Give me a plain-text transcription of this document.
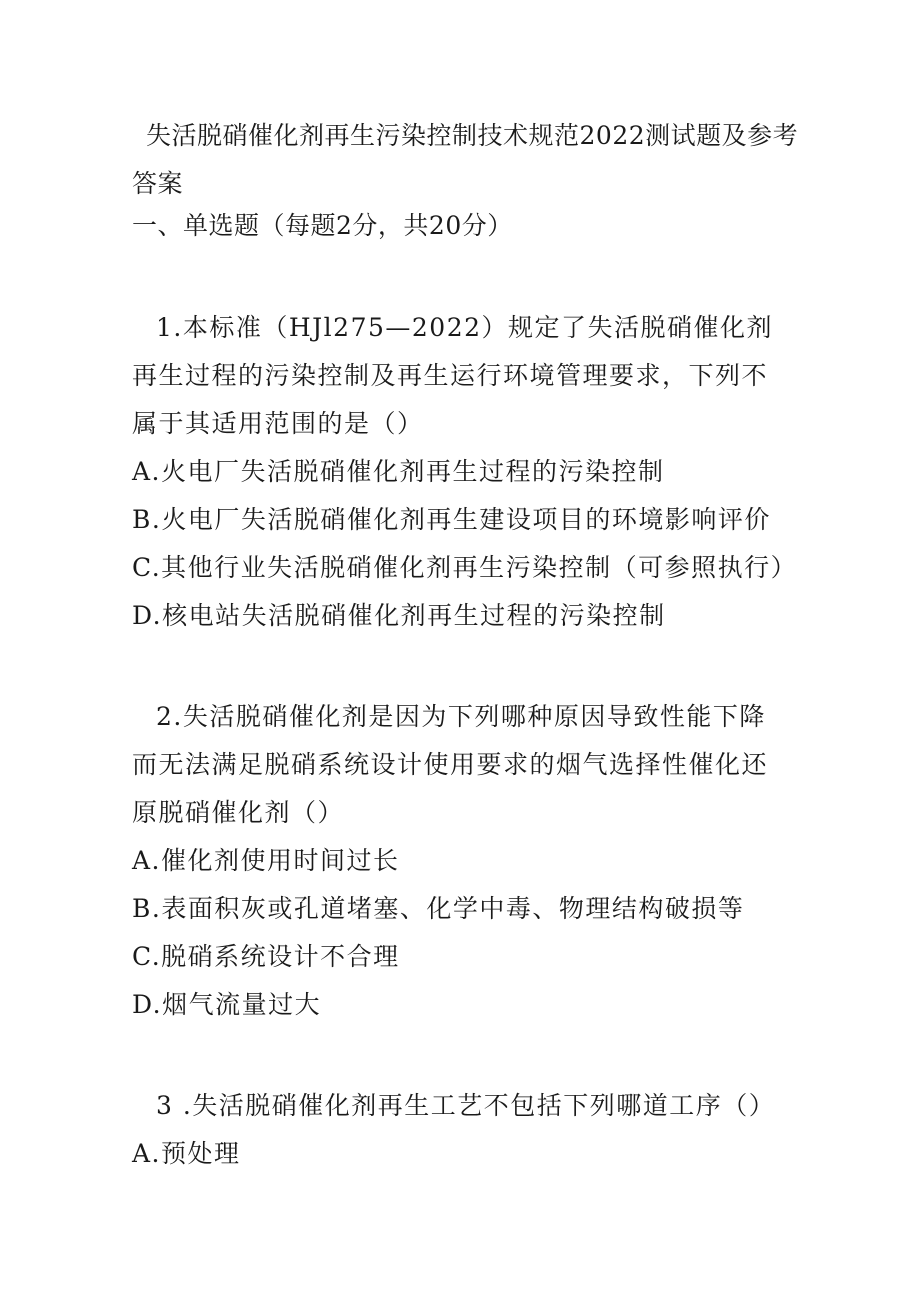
失活脱硝催化剂再生污染控制技术规范2022测试题及参考答案
一、单选题（每题2分，共20分）

1.本标准（HJl275—2022）规定了失活脱硝催化剂再生过程的污染控制及再生运行环境管理要求，下列不属于其适用范围的是（）

A.火电厂失活脱硝催化剂再生过程的污染控制
B.火电厂失活脱硝催化剂再生建设项目的环境影响评价
C.其他行业失活脱硝催化剂再生污染控制（可参照执行）
D.核电站失活脱硝催化剂再生过程的污染控制

2.失活脱硝催化剂是因为下列哪种原因导致性能下降而无法满足脱硝系统设计使用要求的烟气选择性催化还原脱硝催化剂（）

A.催化剂使用时间过长
B.表面积灰或孔道堵塞、化学中毒、物理结构破损等
C.脱硝系统设计不合理
D.烟气流量过大

3 .失活脱硝催化剂再生工艺不包括下列哪道工序（）

A.预处理
